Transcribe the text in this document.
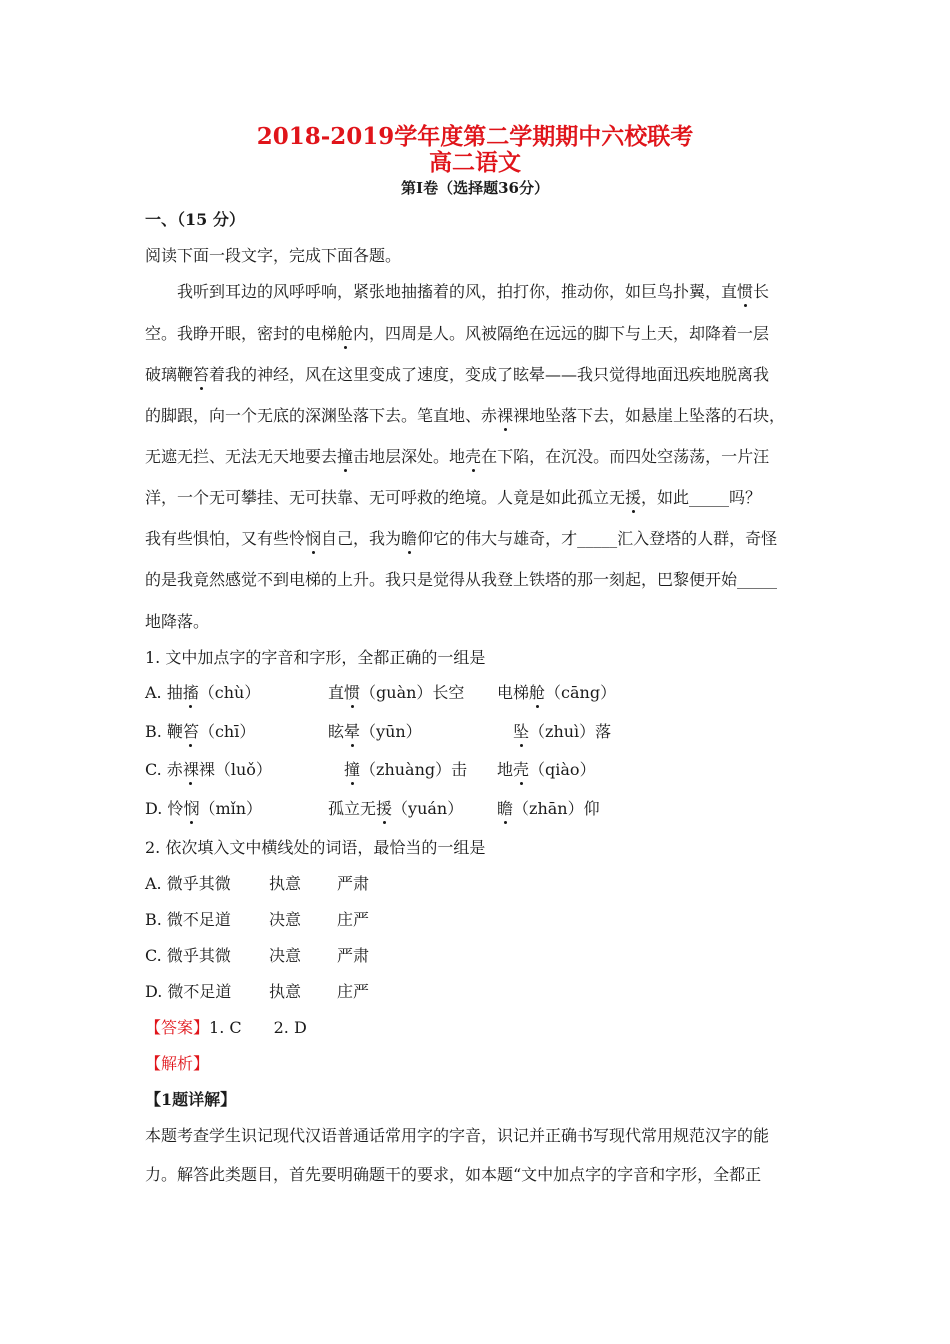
2018-2019学年度第二学期期中六校联考
高二语文
第Ⅰ卷（选择题36分）
一、（15 分）
阅读下面一段文字，完成下面各题。
我听到耳边的风呼呼响，紧张地抽搐着的风，拍打你，推动你，如巨鸟扑翼，直惯长
空。我睁开眼，密封的电梯舱内，四周是人。风被隔绝在远远的脚下与上天，却降着一层
破璃鞭笞着我的神经，风在这里变成了速度，变成了眩晕——我只觉得地面迅疾地脱离我
的脚跟，向一个无底的深渊坠落下去。笔直地、赤裸裸地坠落下去，如悬崖上坠落的石块，
无遮无拦、无法无天地要去撞击地层深处。地壳在下陷，在沉没。而四处空荡荡，一片汪
洋，一个无可攀挂、无可扶靠、无可呼救的绝境。人竟是如此孤立无援，如此_____吗？
我有些惧怕，又有些怜悯自己，我为瞻仰它的伟大与雄奇，才_____汇入登塔的人群，奇怪
的是我竟然感觉不到电梯的上升。我只是觉得从我登上铁塔的那一刻起，巴黎便开始_____
地降落。
1. 文中加点字的字音和字形，全都正确的一组是
A. 抽搐（chù）	直惯（guàn）长空 电梯舱（cāng）
B. 鞭笞（chī）	眩晕（yūn）	坠（zhuì）落
C. 赤裸裸（luǒ）	撞（zhuàng）击 地壳（qiào）
D. 怜悯（mǐn）	孤立无援（yuán） 瞻（zhān）仰
2. 依次填入文中横线处的词语，最恰当的一组是
A. 微乎其微 执意 严肃
B. 微不足道 决意 庄严
C. 微乎其微 决意 严肃
D. 微不足道 执意 庄严
【答案】1. C　　2. D
【解析】
【1题详解】
本题考查学生识记现代汉语普通话常用字的字音，识记并正确书写现代常用规范汉字的能
力。解答此类题目，首先要明确题干的要求，如本题“文中加点字的字音和字形，全都正
